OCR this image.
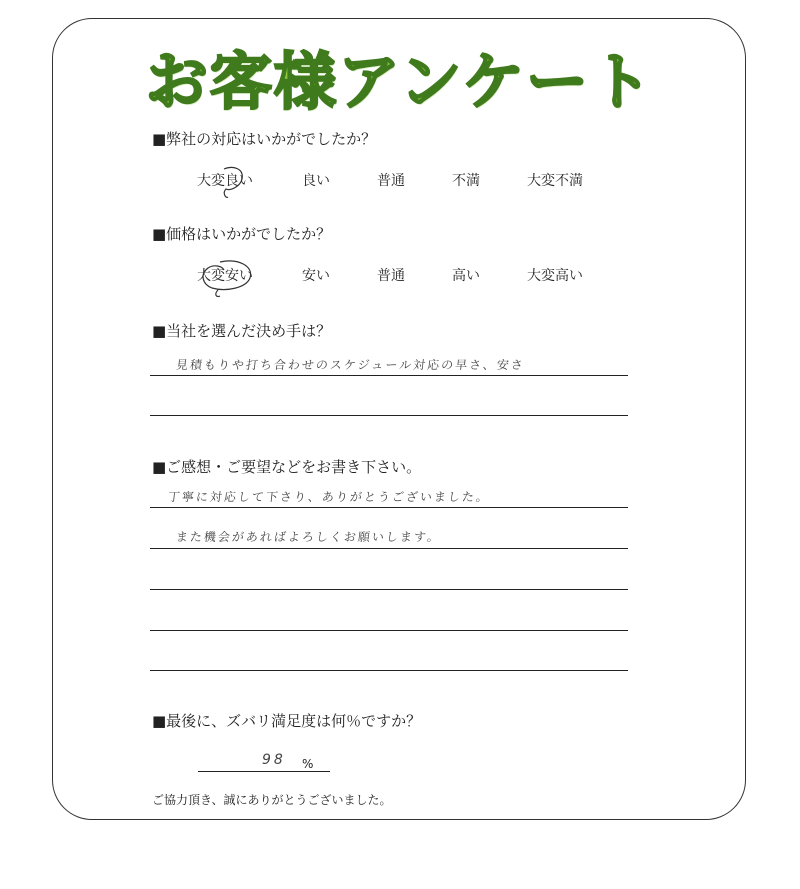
お客様アンケート
■弊社の対応はいかがでしたか？
大変良い	良い	普通	不満	大変不満
■価格はいかがでしたか？
大変安い	安い	普通	高い	大変高い
■当社を選んだ決め手は？
見積もりや打ち合わせのスケジュール対応の早さ、安さ
■ご感想・ご要望などをお書き下さい。
丁寧に対応して下さり、ありがとうございました。
また機会があればよろしくお願いします。
■最後に、ズバリ満足度は何％ですか？
98 %
ご協力頂き、誠にありがとうございました。
